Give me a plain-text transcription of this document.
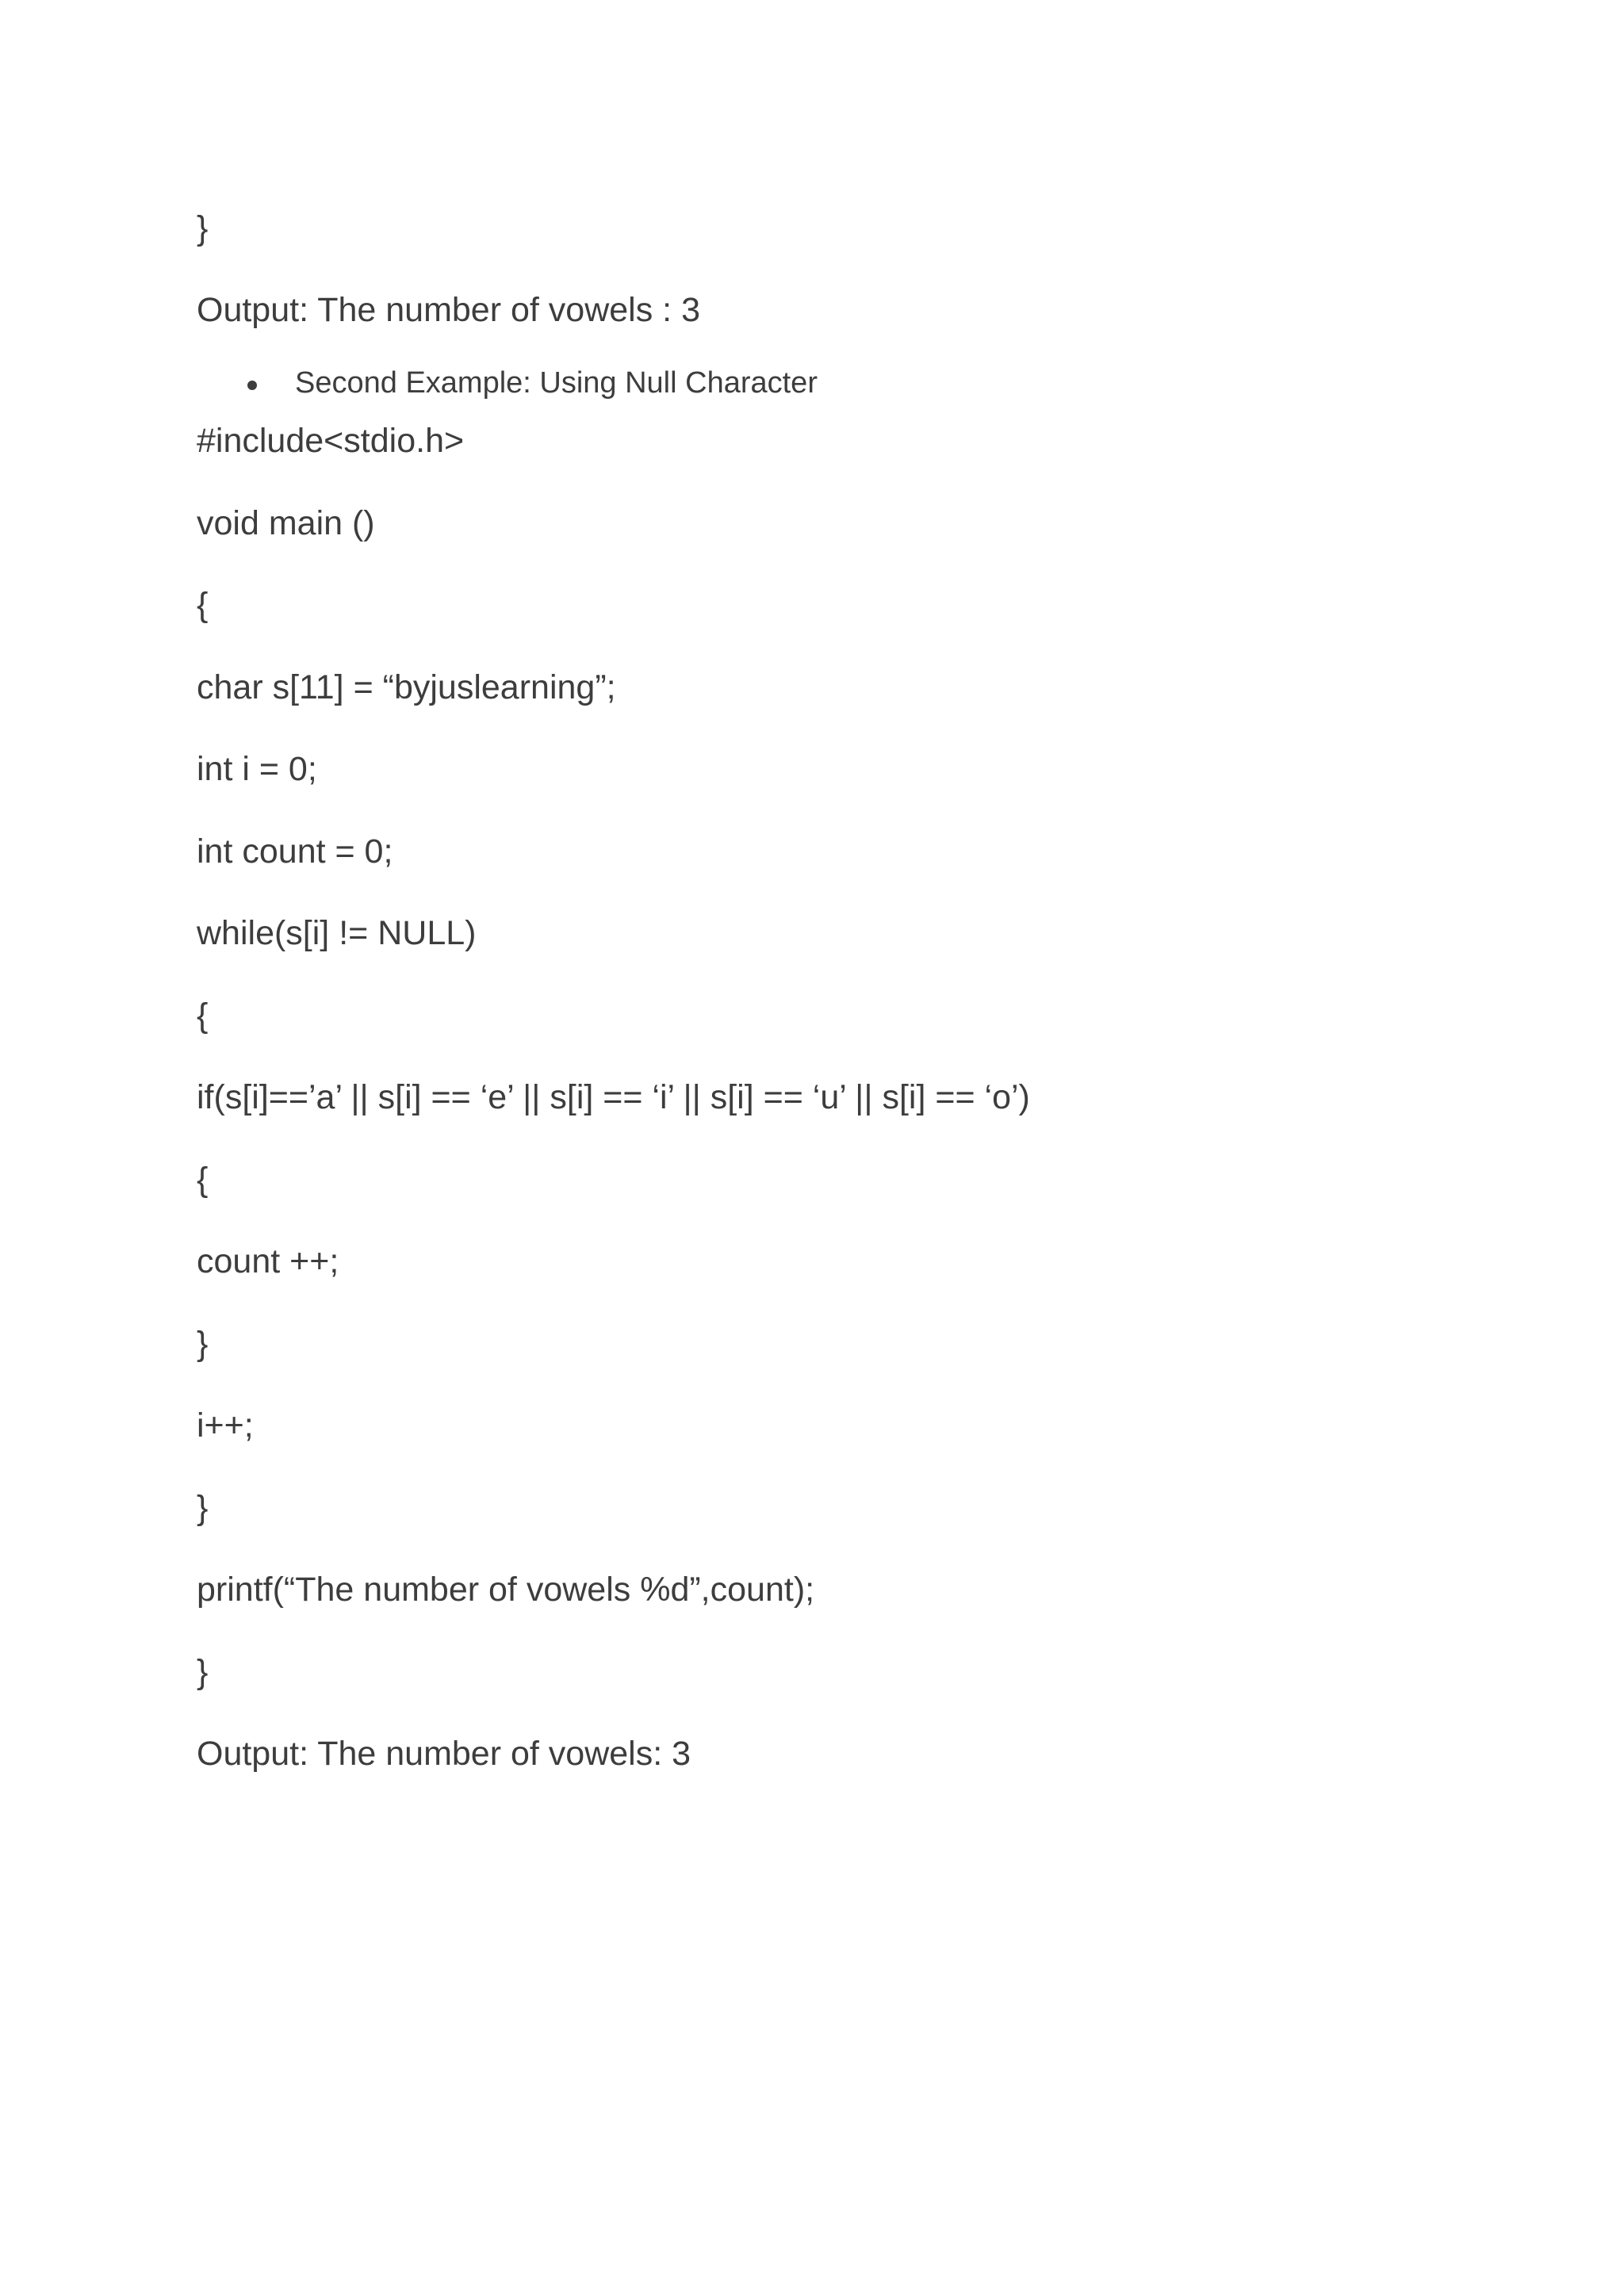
}
Output: The number of vowels : 3
Second Example: Using Null Character
#include<stdio.h>
void main ()
{
char s[11] = “byjuslearning”;
int i = 0;
int count = 0;
while(s[i] != NULL)
{
if(s[i]==’a’ || s[i] == ‘e’ || s[i] == ‘i’ || s[i] == ‘u’ || s[i] == ‘o’)
{
count ++;
}
i++;
}
printf(“The number of vowels %d”,count);
}
Output: The number of vowels: 3
